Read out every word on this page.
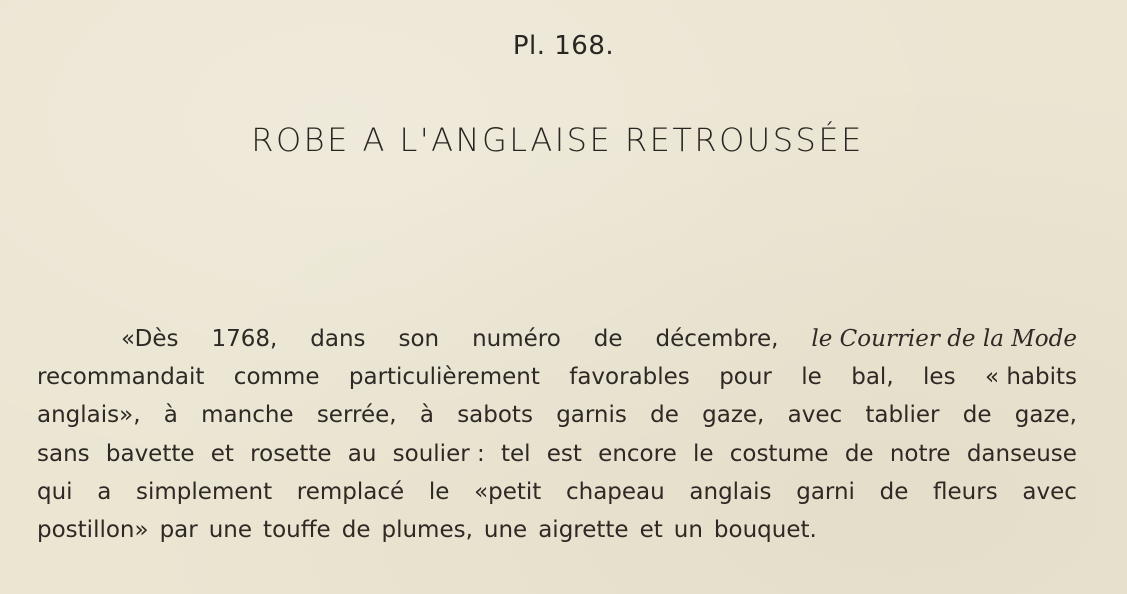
Pl. 168.
ROBE A L'ANGLAISE RETROUSSÉE
«Dès 1768, dans son numéro de décembre, le Courrier de la Mode
recommandait comme particulièrement favorables pour le bal, les « habits
anglais», à manche serrée, à sabots garnis de gaze, avec tablier de gaze,
sans bavette et rosette au soulier : tel est encore le costume de notre danseuse
qui a simplement remplacé le «petit chapeau anglais garni de fleurs avec
postillon» par une touffe de plumes, une aigrette et un bouquet.
